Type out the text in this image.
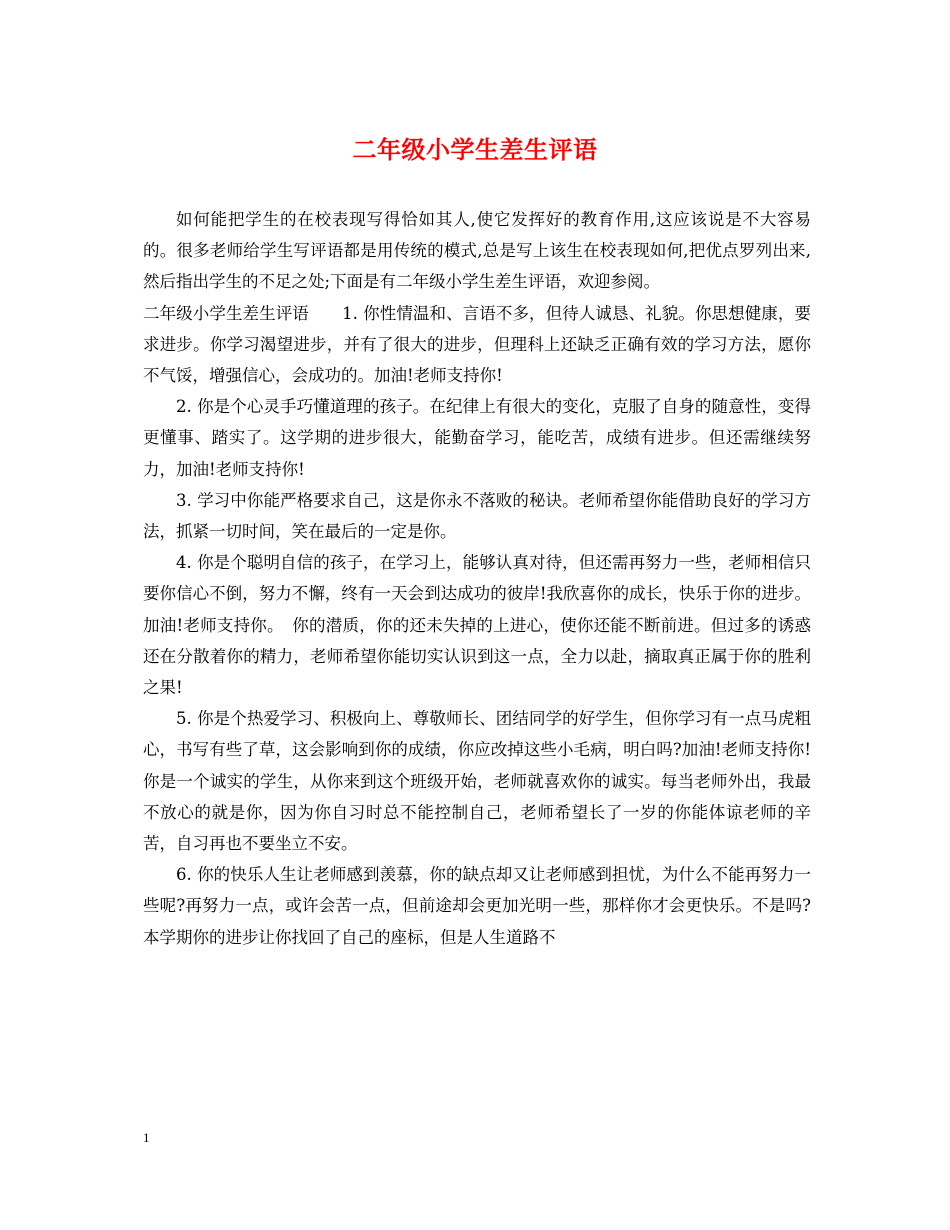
二年级小学生差生评语

如何能把学生的在校表现写得恰如其人,使它发挥好的教育作用,这应该说是不大容易的。很多老师给学生写评语都是用传统的模式,总是写上该生在校表现如何,把优点罗列出来,然后指出学生的不足之处;下面是有二年级小学生差生评语，欢迎参阅。

二年级小学生差生评语　　1. 你性情温和、言语不多，但待人诚恳、礼貌。你思想健康，要求进步。你学习渴望进步，并有了很大的进步，但理科上还缺乏正确有效的学习方法，愿你不气馁，增强信心，会成功的。加油!老师支持你!

2. 你是个心灵手巧懂道理的孩子。在纪律上有很大的变化，克服了自身的随意性，变得更懂事、踏实了。这学期的进步很大，能勤奋学习，能吃苦，成绩有进步。但还需继续努力，加油!老师支持你!

3. 学习中你能严格要求自己，这是你永不落败的秘诀。老师希望你能借助良好的学习方法，抓紧一切时间，笑在最后的一定是你。

4. 你是个聪明自信的孩子，在学习上，能够认真对待，但还需再努力一些，老师相信只要你信心不倒，努力不懈，终有一天会到达成功的彼岸!我欣喜你的成长，快乐于你的进步。加油!老师支持你。　你的潜质，你的还未失掉的上进心，使你还能不断前进。但过多的诱惑还在分散着你的精力，老师希望你能切实认识到这一点，全力以赴，摘取真正属于你的胜利之果!

5. 你是个热爱学习、积极向上、尊敬师长、团结同学的好学生，但你学习有一点马虎粗心，书写有些了草，这会影响到你的成绩，你应改掉这些小毛病，明白吗?加油!老师支持你!　你是一个诚实的学生，从你来到这个班级开始，老师就喜欢你的诚实。每当老师外出，我最不放心的就是你，因为你自习时总不能控制自己，老师希望长了一岁的你能体谅老师的辛苦，自习再也不要坐立不安。

6. 你的快乐人生让老师感到羡慕，你的缺点却又让老师感到担忧，为什么不能再努力一些呢?再努力一点，或许会苦一点，但前途却会更加光明一些，那样你才会更快乐。不是吗? 本学期你的进步让你找回了自己的座标，但是人生道路不

1
